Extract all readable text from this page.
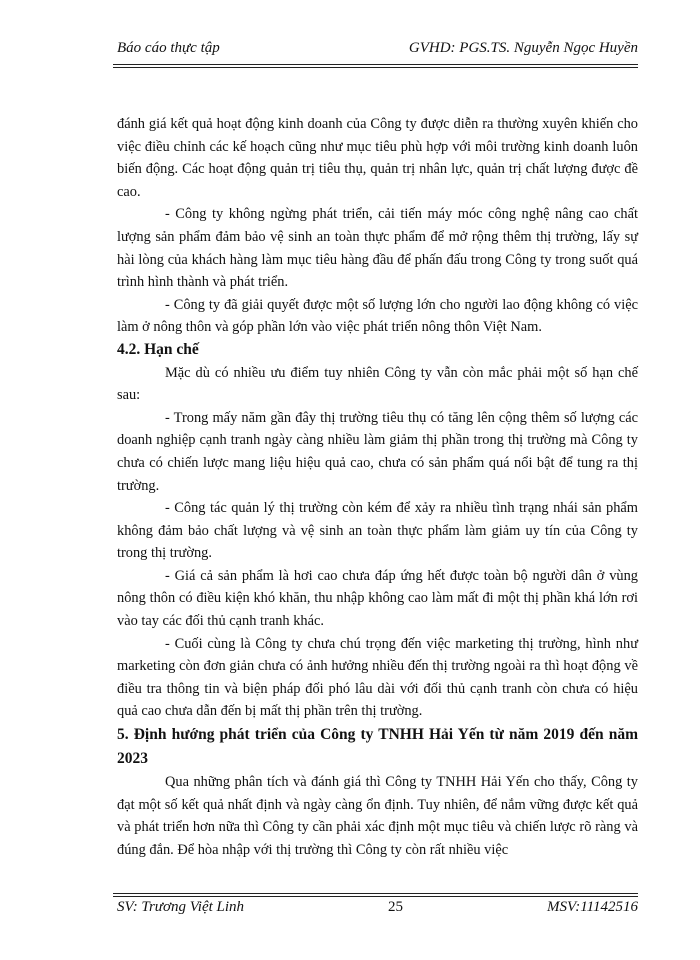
Báo cáo thực tập	GVHD: PGS.TS. Nguyễn Ngọc Huyền

đánh giá kết quả hoạt động kinh doanh của Công ty được diễn ra thường xuyên khiến cho việc điều chỉnh các kế hoạch cũng như mục tiêu phù hợp với môi trường kinh doanh luôn biến động. Các hoạt động quản trị tiêu thụ, quản trị nhân lực, quản trị chất lượng được đề cao.

- Công ty không ngừng phát triển, cải tiến máy móc công nghệ nâng cao chất lượng sản phẩm đảm bảo vệ sinh an toàn thực phẩm để mở rộng thêm thị trường, lấy sự hài lòng của khách hàng làm mục tiêu hàng đầu để phấn đấu trong Công ty trong suốt quá trình hình thành và phát triển.

- Công ty đã giải quyết được một số lượng lớn cho người lao động không có việc làm ở nông thôn và góp phần lớn vào việc phát triển nông thôn Việt Nam.

4.2. Hạn chế

Mặc dù có nhiều ưu điểm tuy nhiên Công ty vẫn còn mắc phải một số hạn chế sau:

- Trong mấy năm gần đây thị trường tiêu thụ có tăng lên cộng thêm số lượng các doanh nghiệp cạnh tranh ngày càng nhiều làm giảm thị phần trong thị trường mà Công ty chưa có chiến lược mang liệu hiệu quả cao, chưa có sản phẩm quá nổi bật để tung ra thị trường.

- Công tác quản lý thị trường còn kém để xảy ra nhiều tình trạng nhái sản phẩm không đảm bảo chất lượng và vệ sinh an toàn thực phẩm làm giảm uy tín của Công ty trong thị trường.

- Giá cả sản phẩm là hơi cao chưa đáp ứng hết được toàn bộ người dân ở vùng nông thôn có điều kiện khó khăn, thu nhập không cao làm mất đi một thị phần khá lớn rơi vào tay các đối thủ cạnh tranh khác.

- Cuối cùng là Công ty chưa chú trọng đến việc marketing thị trường, hình như marketing còn đơn giản chưa có ảnh hưởng nhiều đến thị trường ngoài ra thì hoạt động về điều tra thông tin và biện pháp đối phó lâu dài với đối thủ cạnh tranh còn chưa có hiệu quả cao chưa dẫn đến bị mất thị phần trên thị trường.

5. Định hướng phát triển của Công ty TNHH Hải Yến từ năm 2019 đến năm 2023

Qua những phân tích và đánh giá thì Công ty TNHH Hải Yến cho thấy, Công ty đạt một số kết quả nhất định và ngày càng ổn định. Tuy nhiên, để nắm vững được kết quả và phát triển hơn nữa thì Công ty cần phải xác định một mục tiêu và chiến lược rõ ràng và đúng đắn. Để hòa nhập với thị trường thì Công ty còn rất nhiều việc

SV: Trương Việt Linh	25	MSV:11142516
